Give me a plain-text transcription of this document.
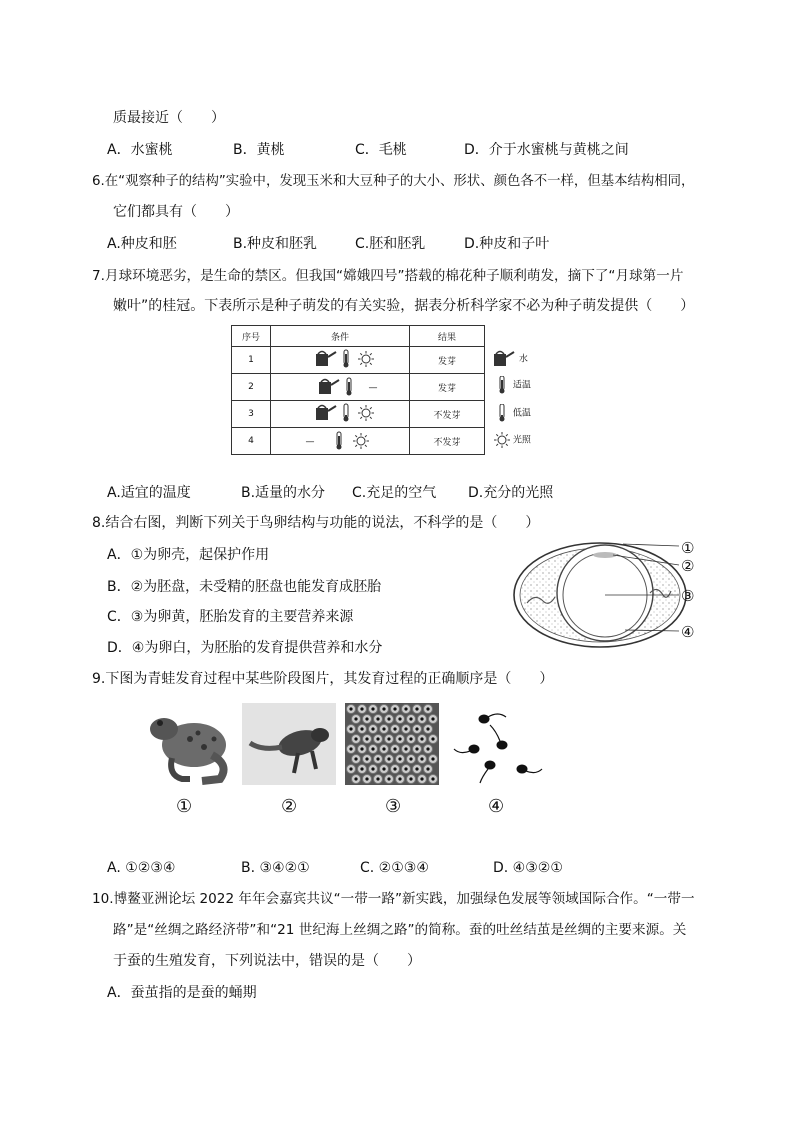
质最接近（　　）
A．水蜜桃	B．黄桃	C．毛桃	D．介于水蜜桃与黄桃之间
6.在“观察种子的结构”实验中，发现玉米和大豆种子的大小、形状、颜色各不一样，但基本结构相同，
它们都具有（　　）
A.种皮和胚	B.种皮和胚乳	C.胚和胚乳	D.种皮和子叶
7.月球环境恶劣，是生命的禁区。但我国“嫦娥四号”搭载的棉花种子顺利萌发，摘下了“月球第一片
嫩叶”的桂冠。下表所示是种子萌发的有关实验，据表分析科学家不必为种子萌发提供（　　）
序号	条件	结果
1		发芽
2	—	发芽
3		不发芽
4	—	不发芽
水
适温
低温
光照
A.适宜的温度	B.适量的水分 C.充足的空气 D.充分的光照
8.结合右图，判断下列关于鸟卵结构与功能的说法，不科学的是（　　）
A．①为卵壳，起保护作用
B．②为胚盘，未受精的胚盘也能发育成胚胎
C．③为卵黄，胚胎发育的主要营养来源
D．④为卵白，为胚胎的发育提供营养和水分
①
②
③
④
9.下图为青蛙发育过程中某些阶段图片，其发育过程的正确顺序是（　　）
①	②	③	④
A. ①②③④	B. ③④②①	C. ②①③④	D. ④③②①
10.博鳌亚洲论坛 2022 年年会嘉宾共议“一带一路”新实践，加强绿色发展等领域国际合作。“一带一
路”是“丝绸之路经济带”和“21 世纪海上丝绸之路”的简称。蚕的吐丝结茧是丝绸的主要来源。关
于蚕的生殖发育，下列说法中，错误的是（　　）
A．蚕茧指的是蚕的蛹期
